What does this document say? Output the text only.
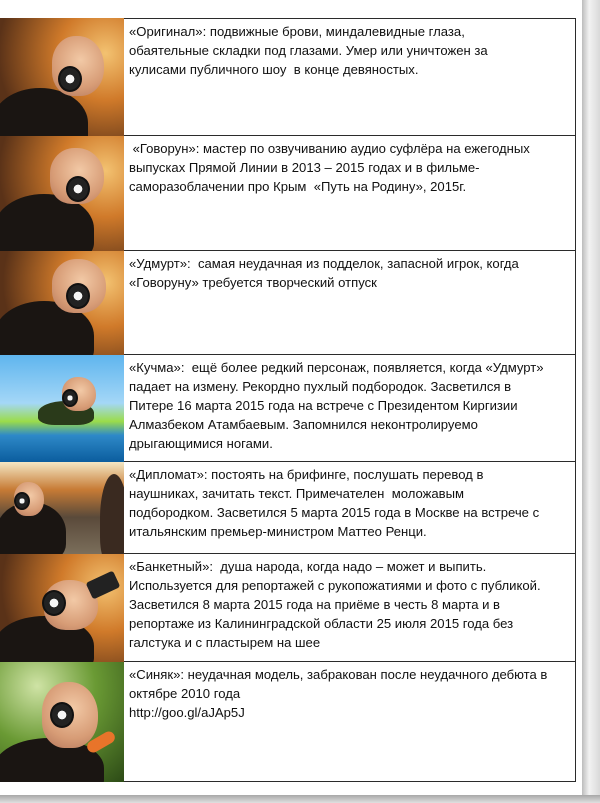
«Оригинал»: подвижные брови, миндалевидные глаза,

обаятельные складки под глазами. Умер или уничтожен за

кулисами публичного шоу  в конце девяностых.

«Говорун»: мастер по озвучиванию аудио суфлёра на ежегодных

выпусках Прямой Линии в 2013 – 2015 годах и в фильме-

саморазоблачении про Крым  «Путь на Родину», 2015г.

«Удмурт»:  самая неудачная из подделок, запасной игрок, когда

«Говоруну» требуется творческий отпуск

«Кучма»:  ещё более редкий персонаж, появляется, когда «Удмурт»

падает на измену. Рекордно пухлый подбородок. Засветился в

Питере 16 марта 2015 года на встрече с Президентом Киргизии

Алмазбеком Атамбаевым. Запомнился неконтролируемо

дрыгающимися ногами.

«Дипломат»: постоять на брифинге, послушать перевод в

наушниках, зачитать текст. Примечателен  моложавым

подбородком. Засветился 5 марта 2015 года в Москве на встрече с

итальянским премьер-министром Маттео Ренци.

«Банкетный»:  душа народа, когда надо – может и выпить.

Используется для репортажей с рукопожатиями и фото с публикой.

Засветился 8 марта 2015 года на приёме в честь 8 марта и в

репортаже из Калининградской области 25 июля 2015 года без

галстука и с пластырем на шее

«Синяк»: неудачная модель, забракован после неудачного дебюта в

октябре 2010 года

http://goo.gl/aJAp5J
